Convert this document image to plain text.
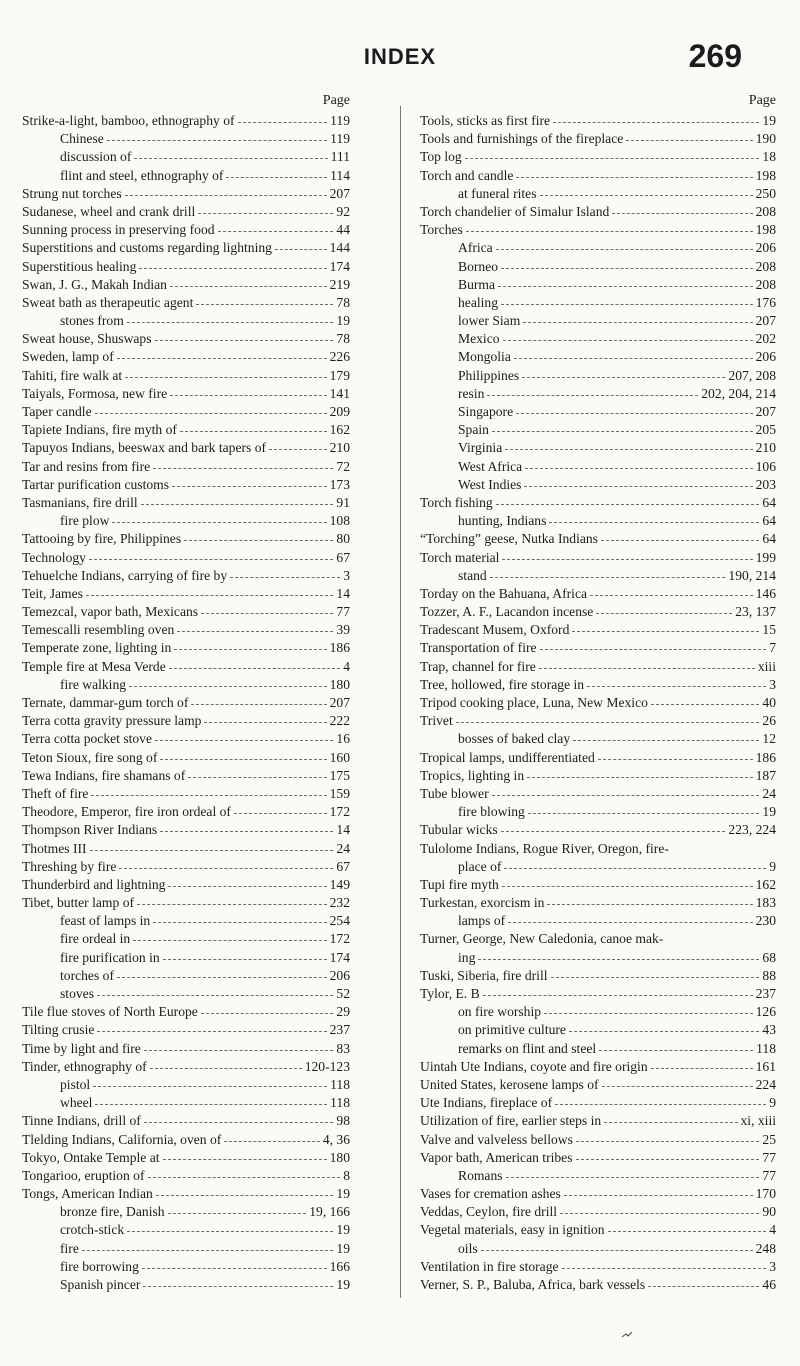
INDEX	269
Page
Strike-a-light, bamboo, ethnography of	119
Chinese	119
discussion of	111
flint and steel, ethnography of	114
Strung nut torches	207
Sudanese, wheel and crank drill	92
Sunning process in preserving food	44
Superstitions and customs regarding lightning	144
Superstitious healing	174
Swan, J. G., Makah Indian	219
Sweat bath as therapeutic agent	78
stones from	19
Sweat house, Shuswaps	78
Sweden, lamp of	226
Tahiti, fire walk at	179
Taiyals, Formosa, new fire	141
Taper candle	209
Tapiete Indians, fire myth of	162
Tapuyos Indians, beeswax and bark tapers of	210
Tar and resins from fire	72
Tartar purification customs	173
Tasmanians, fire drill	91
fire plow	108
Tattooing by fire, Philippines	80
Technology	67
Tehuelche Indians, carrying of fire by	3
Teit, James	14
Temezcal, vapor bath, Mexicans	77
Temescalli resembling oven	39
Temperate zone, lighting in	186
Temple fire at Mesa Verde	4
fire walking	180
Ternate, dammar-gum torch of	207
Terra cotta gravity pressure lamp	222
Terra cotta pocket stove	16
Teton Sioux, fire song of	160
Tewa Indians, fire shamans of	175
Theft of fire	159
Theodore, Emperor, fire iron ordeal of	172
Thompson River Indians	14
Thotmes III	24
Threshing by fire	67
Thunderbird and lightning	149
Tibet, butter lamp of	232
feast of lamps in	254
fire ordeal in	172
fire purification in	174
torches of	206
stoves	52
Tile flue stoves of North Europe	29
Tilting crusie	237
Time by light and fire	83
Tinder, ethnography of	120-123
pistol	118
wheel	118
Tinne Indians, drill of	98
Tlelding Indians, California, oven of	4, 36
Tokyo, Ontake Temple at	180
Tongarioo, eruption of	8
Tongs, American Indian	19
bronze fire, Danish	19, 166
crotch-stick	19
fire	19
fire borrowing	166
Spanish pincer	19
Page
Tools, sticks as first fire	19
Tools and furnishings of the fireplace	190
Top log	18
Torch and candle	198
at funeral rites	250
Torch chandelier of Simalur Island	208
Torches	198
Africa	206
Borneo	208
Burma	208
healing	176
lower Siam	207
Mexico	202
Mongolia	206
Philippines	207, 208
resin	202, 204, 214
Singapore	207
Spain	205
Virginia	210
West Africa	106
West Indies	203
Torch fishing	64
hunting, Indians	64
“Torching” geese, Nutka Indians	64
Torch material	199
stand	190, 214
Torday on the Bahuana, Africa	146
Tozzer, A. F., Lacandon incense	23, 137
Tradescant Musem, Oxford	15
Transportation of fire	7
Trap, channel for fire	xiii
Tree, hollowed, fire storage in	3
Tripod cooking place, Luna, New Mexico	40
Trivet	26
bosses of baked clay	12
Tropical lamps, undifferentiated	186
Tropics, lighting in	187
Tube blower	24
fire blowing	19
Tubular wicks	223, 224
Tulolome Indians, Rogue River, Oregon, fire-
place of	9
Tupi fire myth	162
Turkestan, exorcism in	183
lamps of	230
Turner, George, New Caledonia, canoe mak-
ing	68
Tuski, Siberia, fire drill	88
Tylor, E. B	237
on fire worship	126
on primitive culture	43
remarks on flint and steel	118
Uintah Ute Indians, coyote and fire origin	161
United States, kerosene lamps of	224
Ute Indians, fireplace of	9
Utilization of fire, earlier steps in	xi, xiii
Valve and valveless bellows	25
Vapor bath, American tribes	77
Romans	77
Vases for cremation ashes	170
Veddas, Ceylon, fire drill	90
Vegetal materials, easy in ignition	4
oils	248
Ventilation in fire storage	3
Verner, S. P., Baluba, Africa, bark vessels	46
